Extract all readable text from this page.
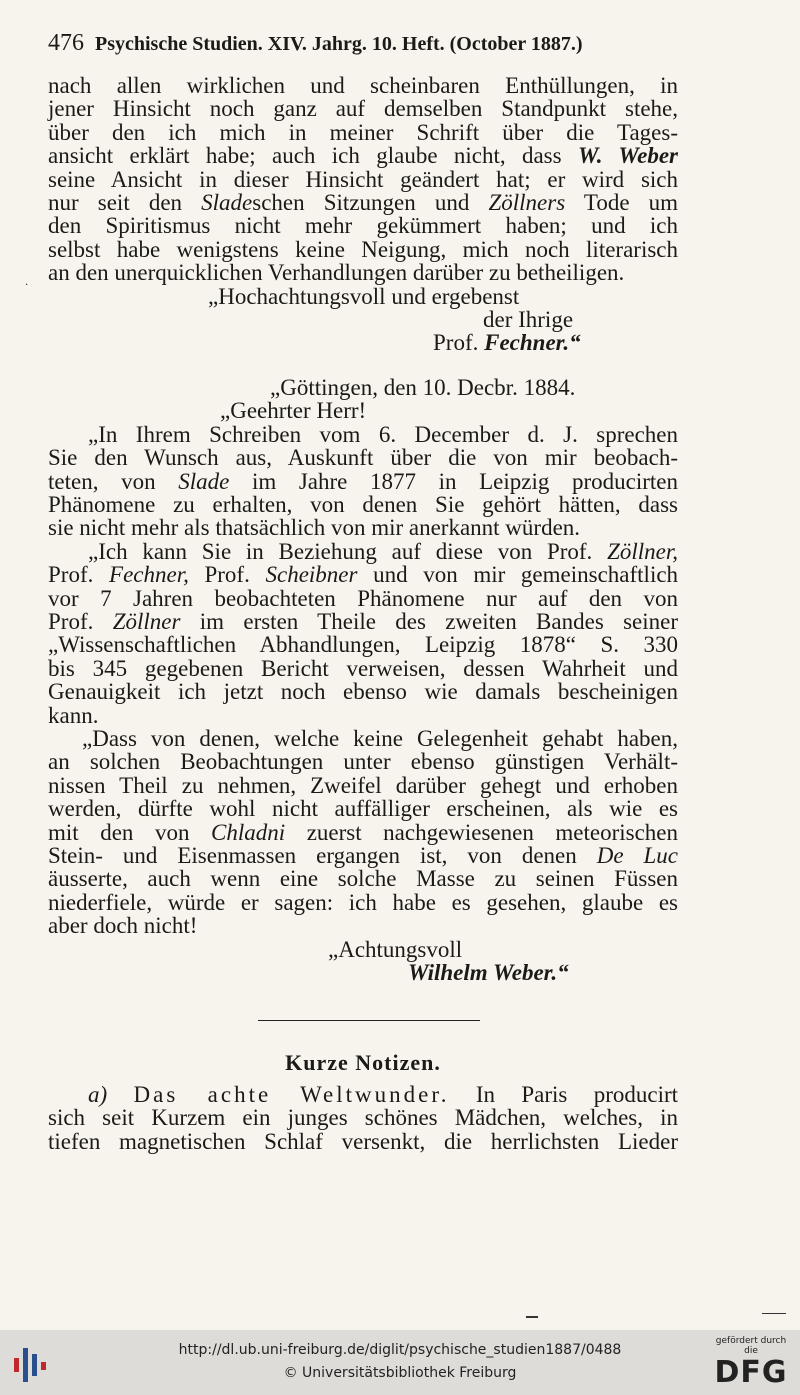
476 Psychische Studien. XIV. Jahrg. 10. Heft. (October 1887.)
·
nach allen wirklichen und scheinbaren Enthüllungen, in
jener Hinsicht noch ganz auf demselben Standpunkt stehe,
über den ich mich in meiner Schrift über die Tages-
ansicht erklärt habe; auch ich glaube nicht, dass W. Weber
seine Ansicht in dieser Hinsicht geändert hat; er wird sich
nur seit den Sladeschen Sitzungen und Zöllners Tode um
den Spiritismus nicht mehr gekümmert haben; und ich
selbst habe wenigstens keine Neigung, mich noch literarisch
an den unerquicklichen Verhandlungen darüber zu betheiligen.
„Hochachtungsvoll und ergebenst
der Ihrige
Prof. Fechner.“
„Göttingen, den 10. Decbr. 1884.
„Geehrter Herr!
„In Ihrem Schreiben vom 6. December d. J. sprechen
Sie den Wunsch aus, Auskunft über die von mir beobach-
teten, von Slade im Jahre 1877 in Leipzig producirten
Phänomene zu erhalten, von denen Sie gehört hätten, dass
sie nicht mehr als thatsächlich von mir anerkannt würden.
„Ich kann Sie in Beziehung auf diese von Prof. Zöllner,
Prof. Fechner, Prof. Scheibner und von mir gemeinschaftlich
vor 7 Jahren beobachteten Phänomene nur auf den von
Prof. Zöllner im ersten Theile des zweiten Bandes seiner
„Wissenschaftlichen Abhandlungen, Leipzig 1878“ S. 330
bis 345 gegebenen Bericht verweisen, dessen Wahrheit und
Genauigkeit ich jetzt noch ebenso wie damals bescheinigen
kann.
„Dass von denen, welche keine Gelegenheit gehabt haben,
an solchen Beobachtungen unter ebenso günstigen Verhält-
nissen Theil zu nehmen, Zweifel darüber gehegt und erhoben
werden, dürfte wohl nicht auffälliger erscheinen, als wie es
mit den von Chladni zuerst nachgewiesenen meteorischen
Stein- und Eisenmassen ergangen ist, von denen De Luc
äusserte, auch wenn eine solche Masse zu seinen Füssen
niederfiele, würde er sagen: ich habe es gesehen, glaube es
aber doch nicht!
„Achtungsvoll
Wilhelm Weber.“
Kurze Notizen.
a) Das achte Weltwunder. In Paris producirt
sich seit Kurzem ein junges schönes Mädchen, welches, in
tiefen magnetischen Schlaf versenkt, die herrlichsten Lieder
http://dl.ub.uni-freiburg.de/diglit/psychische_studien1887/0488
© Universitätsbibliothek Freiburg
gefördert durch die
DFG
